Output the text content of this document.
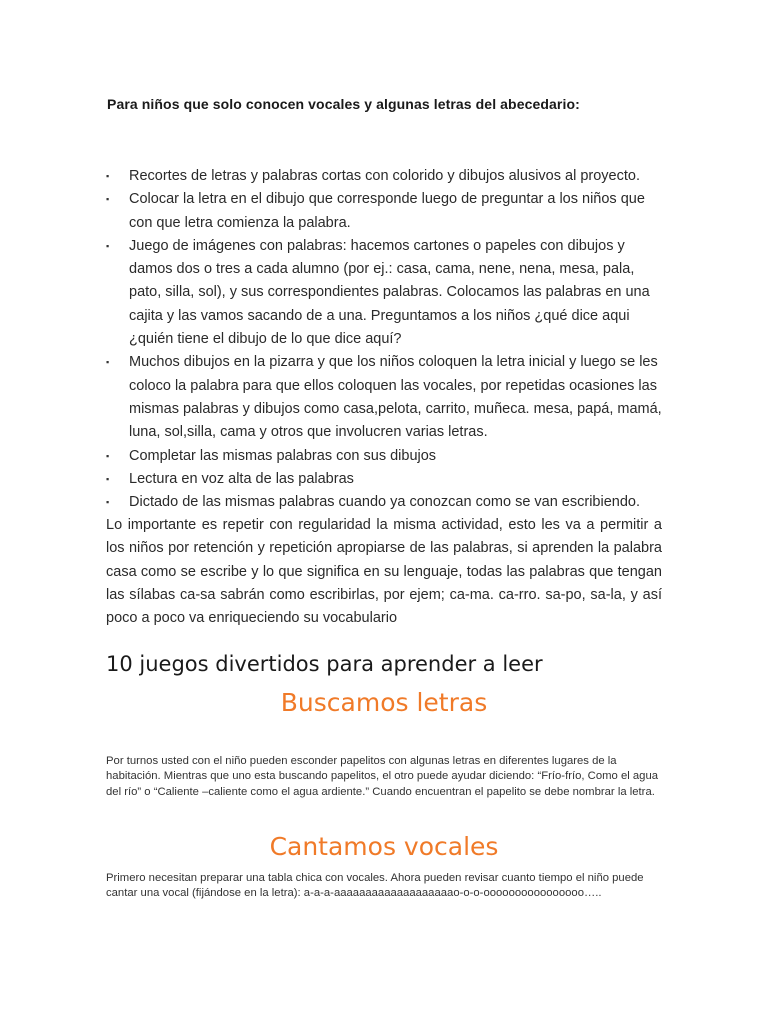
Para niños que solo conocen vocales y algunas letras del abecedario:
▪	Recortes de letras y palabras cortas con colorido y dibujos alusivos al proyecto.
▪	Colocar la letra en el dibujo que corresponde luego de preguntar a los niños que con que letra comienza la palabra.
▪	Juego de imágenes con palabras: hacemos cartones o papeles con dibujos y damos dos o tres a cada alumno (por ej.: casa, cama, nene, nena, mesa, pala, pato, silla, sol), y sus correspondientes palabras. Colocamos las palabras en una cajita y las vamos sacando de a una. Preguntamos a los niños ¿qué dice aqui ¿quién tiene el dibujo de lo que dice aquí?
▪	Muchos dibujos en la pizarra y que los niños coloquen la letra inicial y luego se les coloco la palabra para que ellos coloquen las vocales, por repetidas ocasiones las mismas palabras y dibujos como casa,pelota, carrito, muñeca. mesa, papá, mamá, luna, sol,silla, cama y otros que involucren varias letras.
▪	Completar las mismas palabras con sus dibujos
▪	Lectura en voz alta de las palabras
▪	Dictado de las mismas palabras cuando ya conozcan como se van escribiendo.
Lo importante es repetir con regularidad la misma actividad, esto les va a permitir a los niños por retención y repetición apropiarse de las palabras, si aprenden la palabra casa como se escribe y lo que significa en su lenguaje, todas las palabras que tengan las sílabas ca-sa sabrán como escribirlas, por ejem; ca-ma. ca-rro. sa-po, sa-la, y así poco a poco va enriqueciendo su vocabulario
10 juegos divertidos para aprender a leer
Buscamos letras
Por turnos usted con el niño pueden esconder papelitos con algunas letras en diferentes lugares de la habitación. Mientras que uno esta buscando papelitos, el otro puede ayudar diciendo: “Frío-frío, Como el agua del río” o “Caliente –caliente como el agua ardiente.” Cuando encuentran el papelito se debe nombrar la letra.
Cantamos vocales
Primero necesitan preparar una tabla chica con vocales. Ahora pueden revisar cuanto tiempo el niño puede cantar una vocal (fijándose en la letra): a-a-a-aaaaaaaaaaaaaaaaaaao-o-o-oooooooooooooooo…..
